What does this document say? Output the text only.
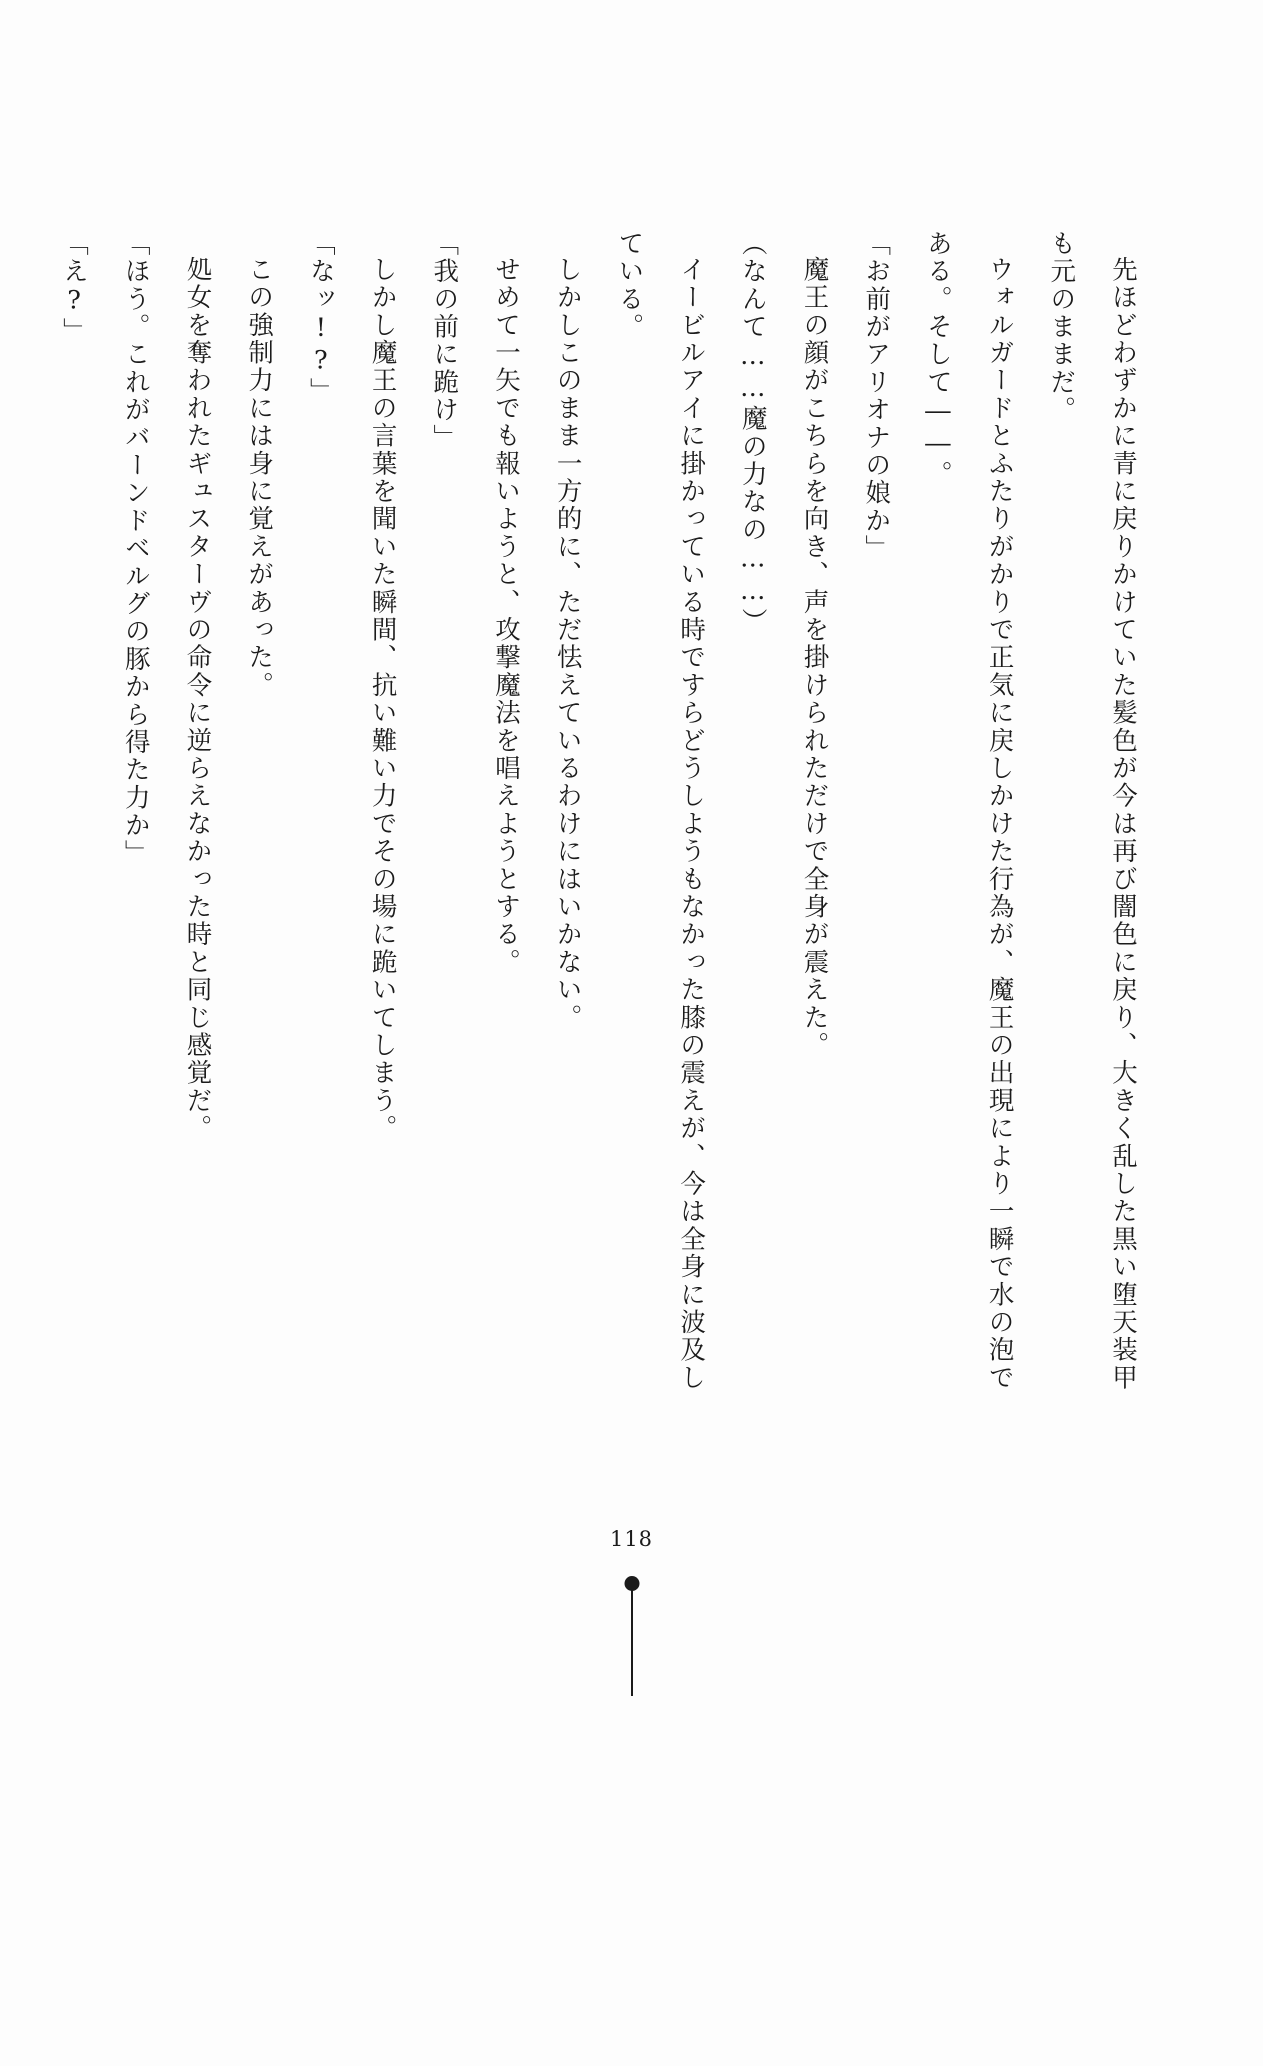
先ほどわずかに青に戻りかけていた髪色が今は再び闇色に戻り、大きく乱した黒い堕天装甲も元のままだ。

ウォルガードとふたりがかりで正気に戻しかけた行為が、魔王の出現により一瞬で水の泡である。そして――。

「お前がアリオナの娘か」

魔王の顔がこちらを向き、声を掛けられただけで全身が震えた。

（なんて……魔の力なの……）

イービルアイに掛かっている時ですらどうしようもなかった膝の震えが、今は全身に波及している。

しかしこのまま一方的に、ただ怯えているわけにはいかない。

せめて一矢でも報いようと、攻撃魔法を唱えようとする。

「我の前に跪け」

しかし魔王の言葉を聞いた瞬間、抗い難い力でその場に跪いてしまう。

「なッ!?」

この強制力には身に覚えがあった。

処女を奪われたギュスターヴの命令に逆らえなかった時と同じ感覚だ。

「ほう。これがバーンドベルグの豚から得た力か」

「え?」

118
